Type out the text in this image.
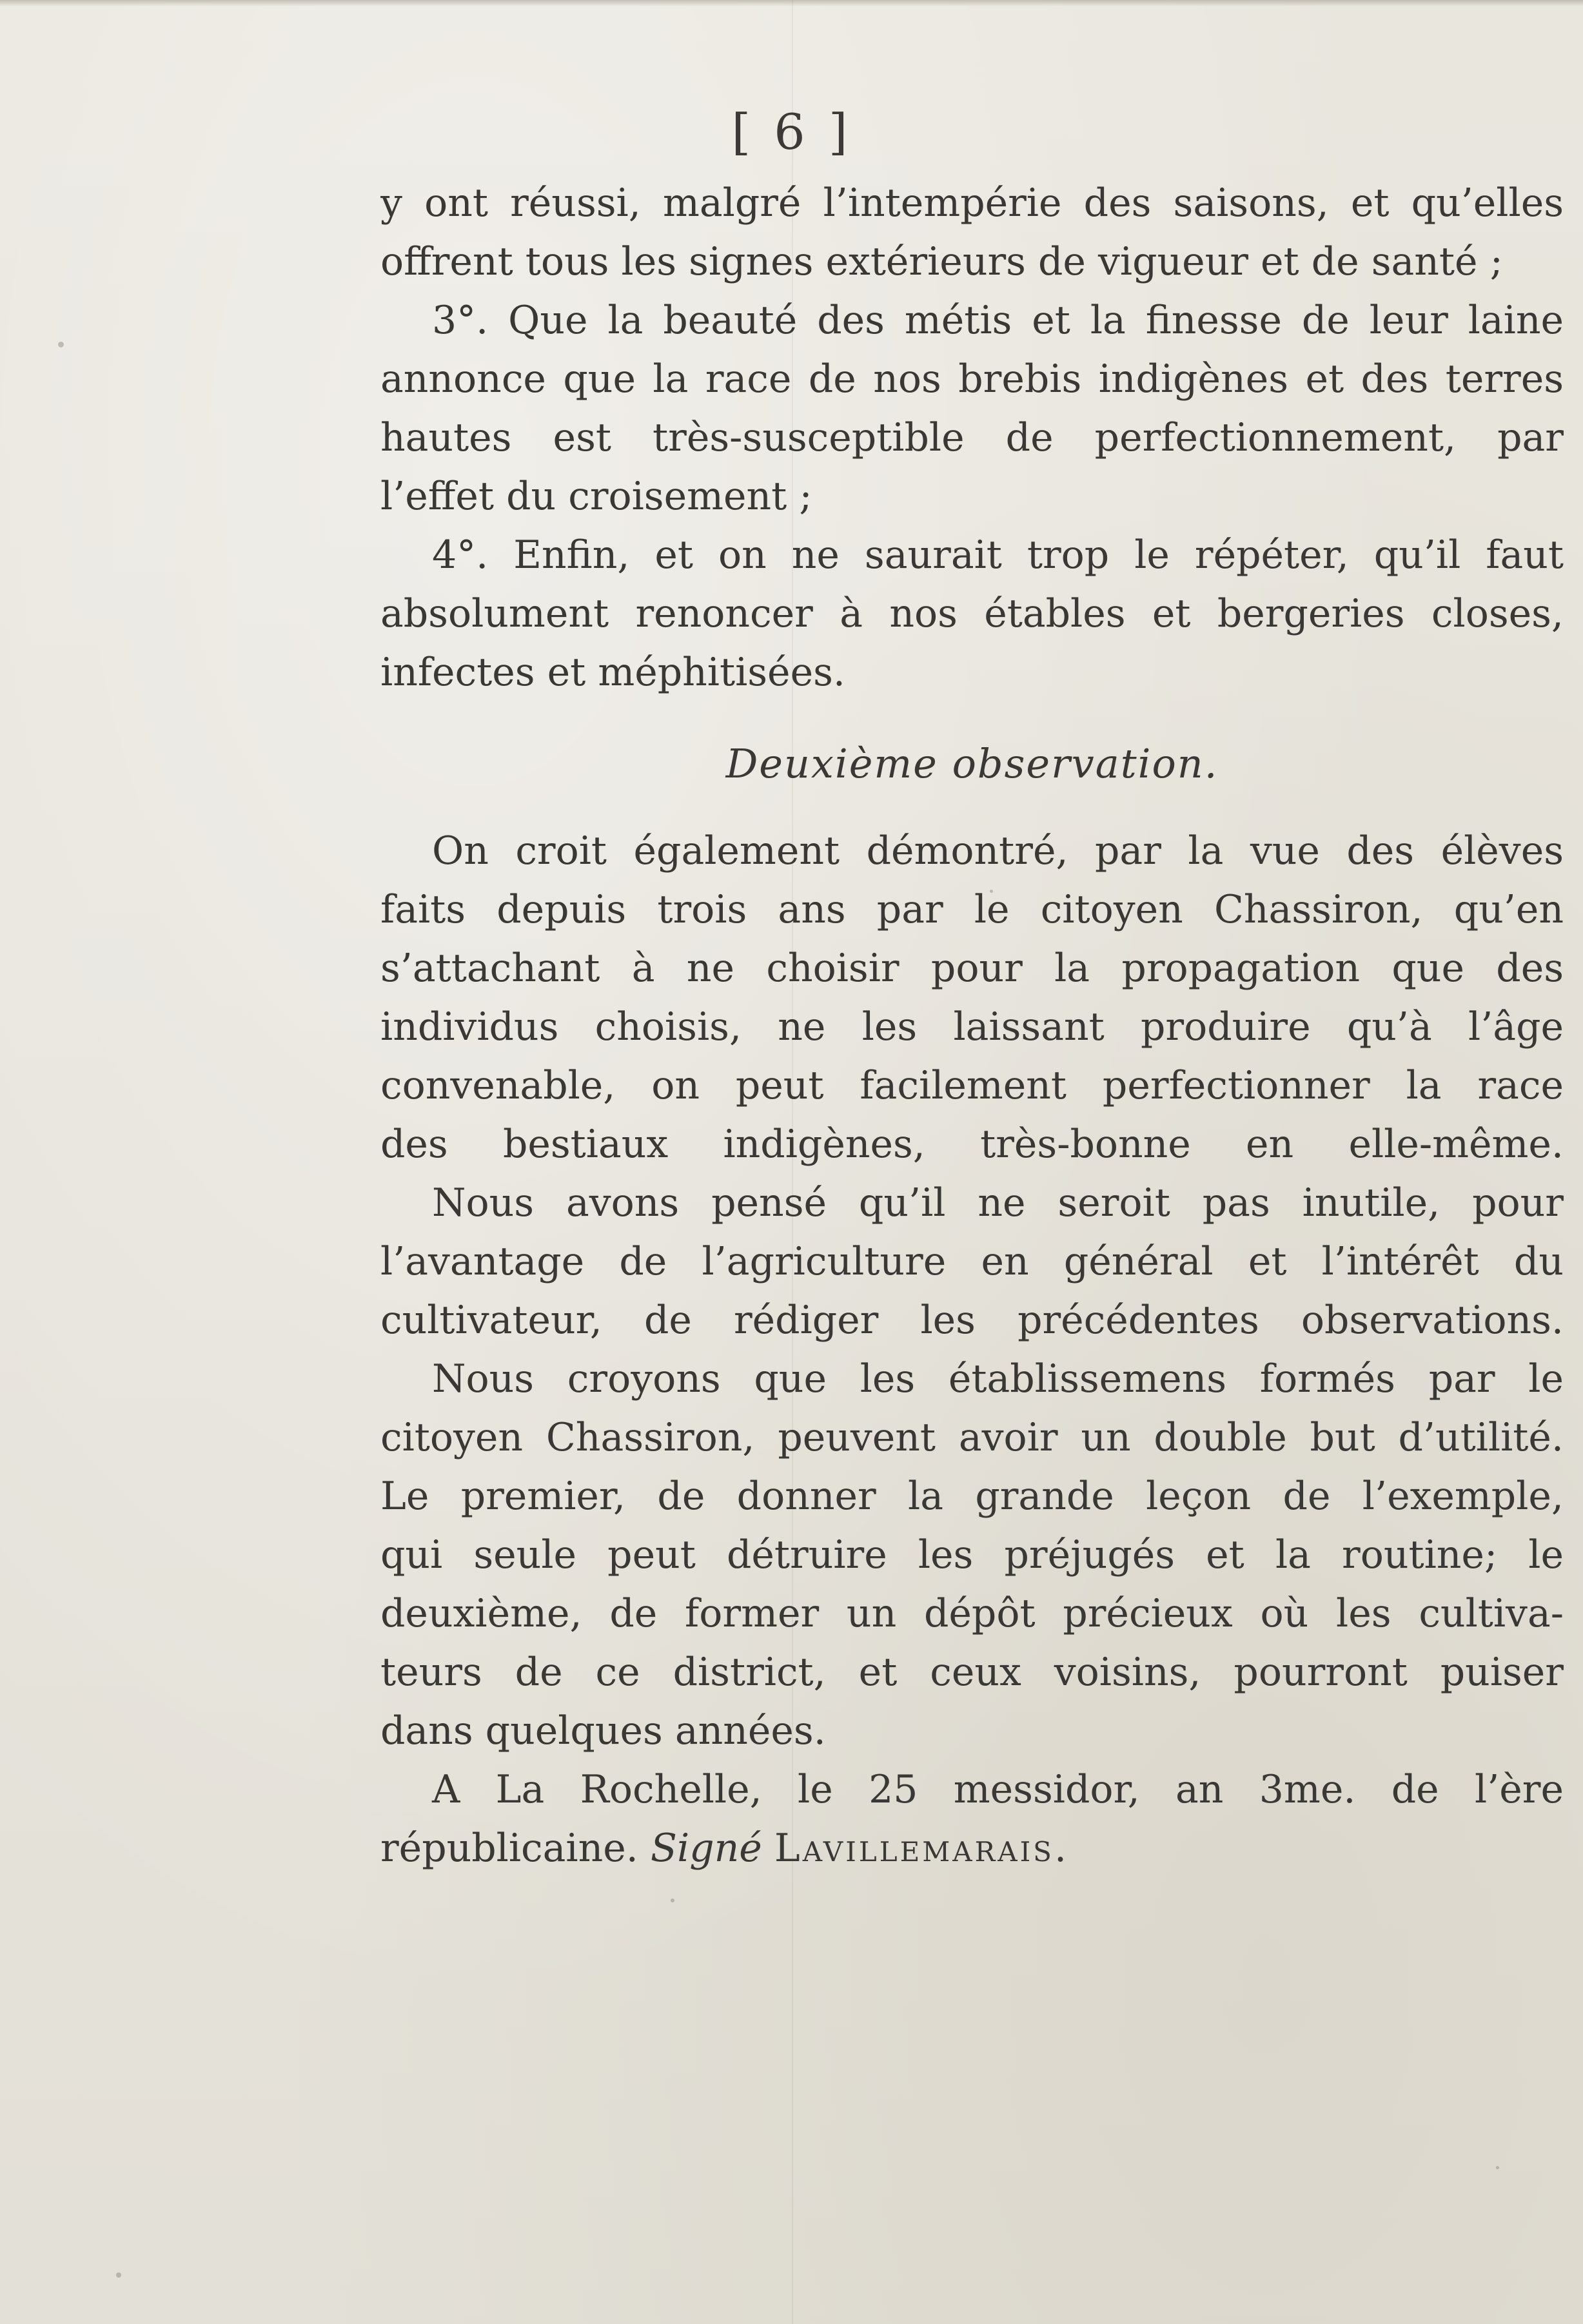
[ 6 ]
y ont réussi, malgré l’intempérie des saisons, et qu’elles
offrent tous les signes extérieurs de vigueur et de santé ;
3°. Que la beauté des métis et la finesse de leur laine
annonce que la race de nos brebis indigènes et des terres
hautes est très-susceptible de perfectionnement, par
l’effet du croisement ;
4°. Enfin, et on ne saurait trop le répéter, qu’il faut
absolument renoncer à nos étables et bergeries closes,
infectes et méphitisées.
Deuxième observation.
On croit également démontré, par la vue des élèves
faits depuis trois ans par le citoyen Chassiron, qu’en
s’attachant à ne choisir pour la propagation que des
individus choisis, ne les laissant produire qu’à l’âge
convenable, on peut facilement perfectionner la race
des bestiaux indigènes, très-bonne en elle-même.
Nous avons pensé qu’il ne seroit pas inutile, pour
l’avantage de l’agriculture en général et l’intérêt du
cultivateur, de rédiger les précédentes observations.
Nous croyons que les établissemens formés par le
citoyen Chassiron, peuvent avoir un double but d’utilité.
Le premier, de donner la grande leçon de l’exemple,
qui seule peut détruire les préjugés et la routine; le
deuxième, de former un dépôt précieux où les cultiva-
teurs de ce district, et ceux voisins, pourront puiser
dans quelques années.
A La Rochelle, le 25 messidor, an 3me. de l’ère
républicaine. Signé Lavillemarais.
